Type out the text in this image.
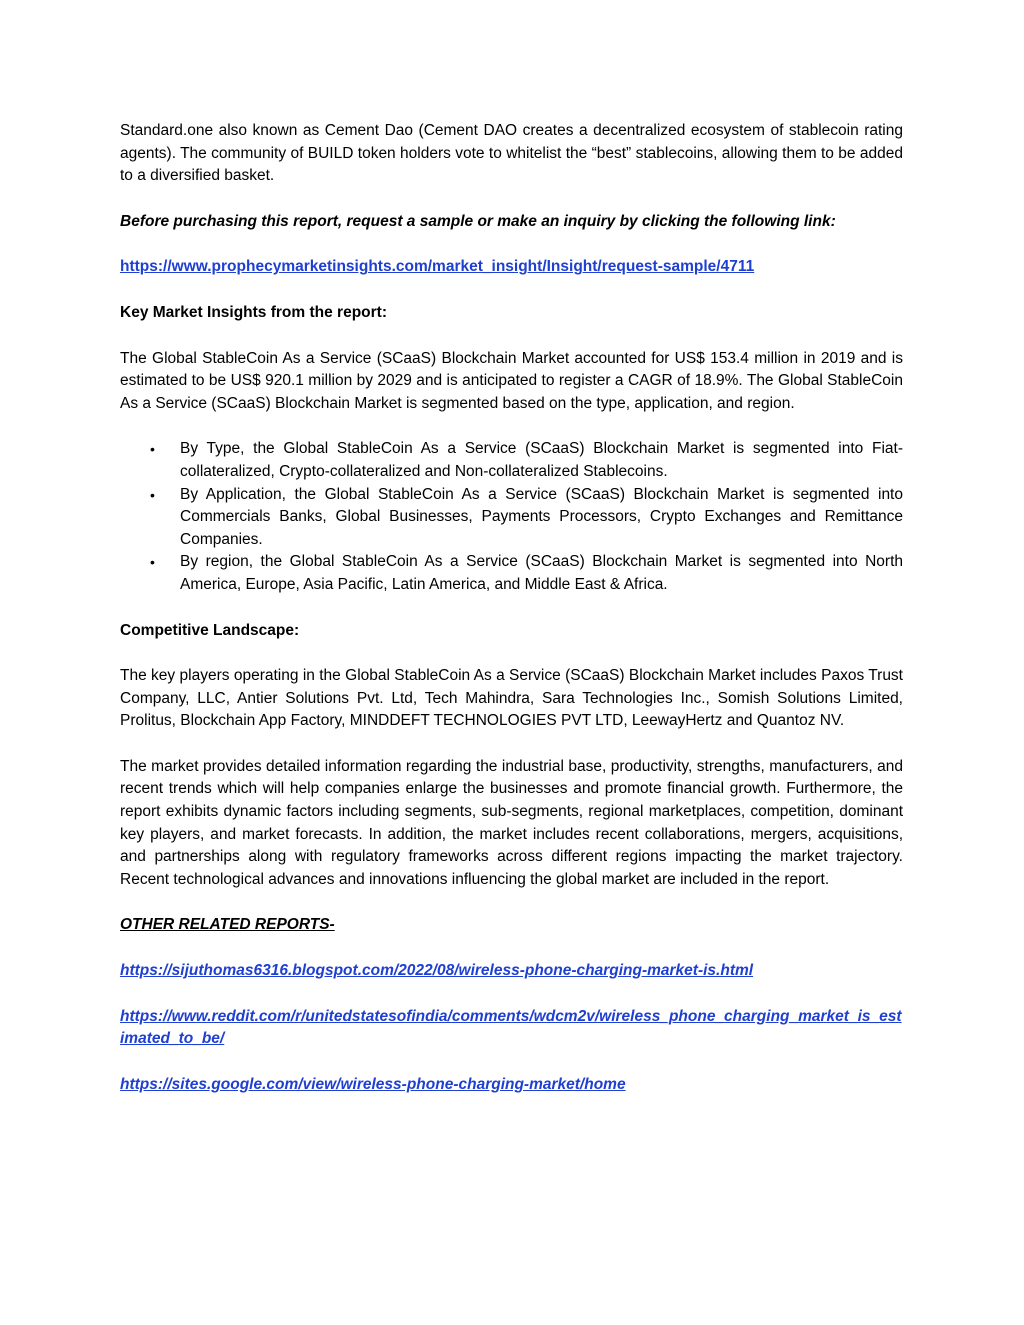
Standard.one also known as Cement Dao (Cement DAO creates a decentralized ecosystem of stablecoin rating agents). The community of BUILD token holders vote to whitelist the “best” stablecoins, allowing them to be added to a diversified basket.

Before purchasing this report, request a sample or make an inquiry by clicking the following link:

https://www.prophecymarketinsights.com/market_insight/Insight/request-sample/4711

Key Market Insights from the report:

The Global StableCoin As a Service (SCaaS) Blockchain Market accounted for US$ 153.4 million in 2019 and is estimated to be US$ 920.1 million by 2029 and is anticipated to register a CAGR of 18.9%. The Global StableCoin As a Service (SCaaS) Blockchain Market is segmented based on the type, application, and region.

• By Type, the Global StableCoin As a Service (SCaaS) Blockchain Market is segmented into Fiat-collateralized, Crypto-collateralized and Non-collateralized Stablecoins.
• By Application, the Global StableCoin As a Service (SCaaS) Blockchain Market is segmented into Commercials Banks, Global Businesses, Payments Processors, Crypto Exchanges and Remittance Companies.
• By region, the Global StableCoin As a Service (SCaaS) Blockchain Market is segmented into North America, Europe, Asia Pacific, Latin America, and Middle East & Africa.

Competitive Landscape:

The key players operating in the Global StableCoin As a Service (SCaaS) Blockchain Market includes Paxos Trust Company, LLC, Antier Solutions Pvt. Ltd, Tech Mahindra, Sara Technologies Inc., Somish Solutions Limited, Prolitus, Blockchain App Factory, MINDDEFT TECHNOLOGIES PVT LTD, LeewayHertz and Quantoz NV.

The market provides detailed information regarding the industrial base, productivity, strengths, manufacturers, and recent trends which will help companies enlarge the businesses and promote financial growth. Furthermore, the report exhibits dynamic factors including segments, sub-segments, regional marketplaces, competition, dominant key players, and market forecasts. In addition, the market includes recent collaborations, mergers, acquisitions, and partnerships along with regulatory frameworks across different regions impacting the market trajectory. Recent technological advances and innovations influencing the global market are included in the report.

OTHER RELATED REPORTS-

https://sijuthomas6316.blogspot.com/2022/08/wireless-phone-charging-market-is.html

https://www.reddit.com/r/unitedstatesofindia/comments/wdcm2v/wireless_phone_charging_market_is_estimated_to_be/

https://sites.google.com/view/wireless-phone-charging-market/home
